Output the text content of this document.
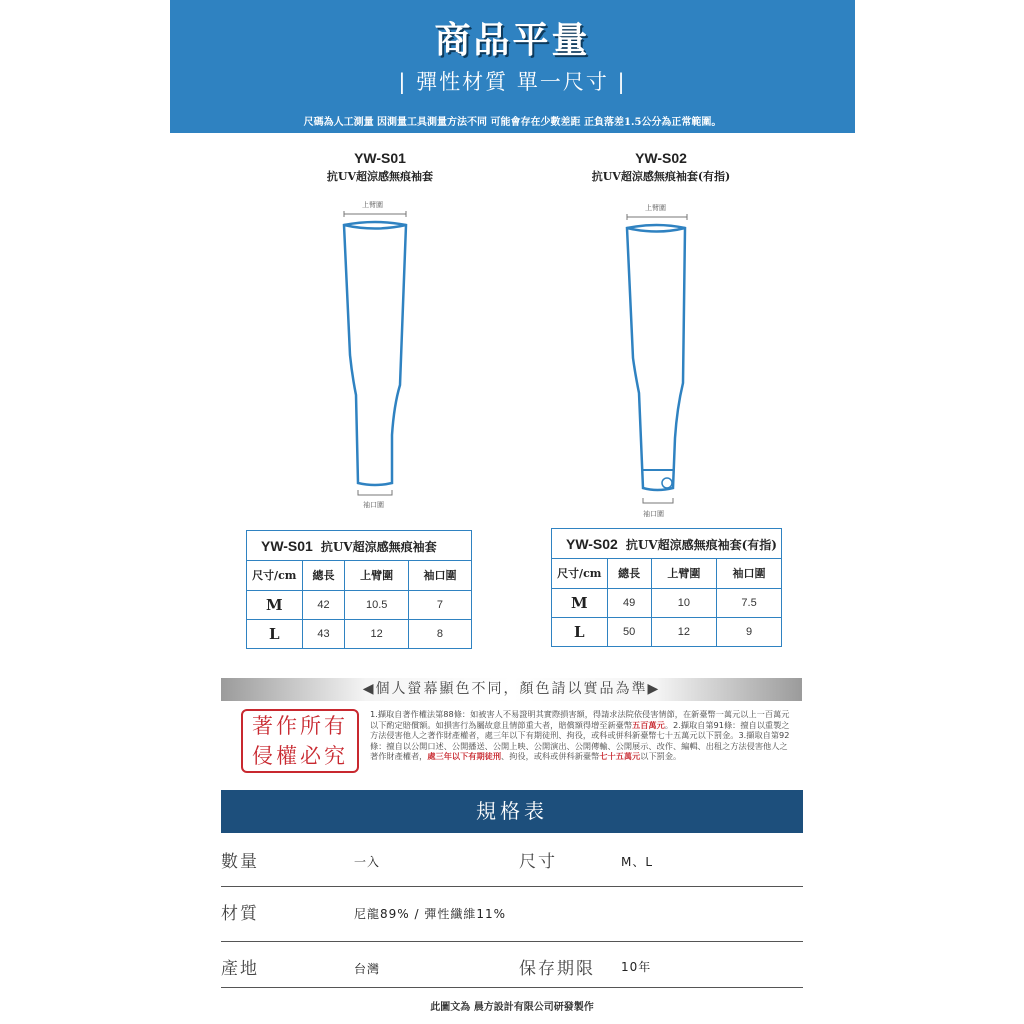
商品平量
| 彈性材質 單一尺寸 |
尺碼為人工測量 因測量工具測量方法不同 可能會存在少數差距 正負落差1.5公分為正常範圍。
YW-S01
抗UV超涼感無痕袖套
YW-S02
抗UV超涼感無痕袖套(有指)
上臂圍
袖口圍
上臂圍
袖口圍
YW-S01 抗UV超涼感無痕袖套
尺寸/cm	總長	上臂圍	袖口圍
M	42	10.5	7
L	43	12	8
YW-S02 抗UV超涼感無痕袖套(有指)
尺寸/cm	總長	上臂圍	袖口圍
M	49	10	7.5
L	50	12	9
◀個人螢幕顯色不同，顏色請以實品為準▶
著作所有
侵權必究
1.擷取自著作權法第88條：如被害人不易證明其實際損害額，得請求法院依侵害情節，在新臺幣一萬元以上一百萬元以下酌定賠償額。如損害行為屬故意且情節重大者，賠償額得增至新臺幣五百萬元。2.擷取自第91條：擅自以重製之方法侵害他人之著作財產權者，處三年以下有期徒刑、拘役，或科或併科新臺幣七十五萬元以下罰金。3.擷取自第92條：擅自以公開口述、公開播送、公開上映、公開演出、公開傳輸、公開展示、改作、編輯、出租之方法侵害他人之著作財產權者，處三年以下有期徒刑、拘役，或科或併科新臺幣七十五萬元以下罰金。
規格表
數量	一入	尺寸	M、L
材質	尼龍89% / 彈性纖維11%
產地	台灣	保存期限 10年
此圖文為 晨方設計有限公司研發製作
